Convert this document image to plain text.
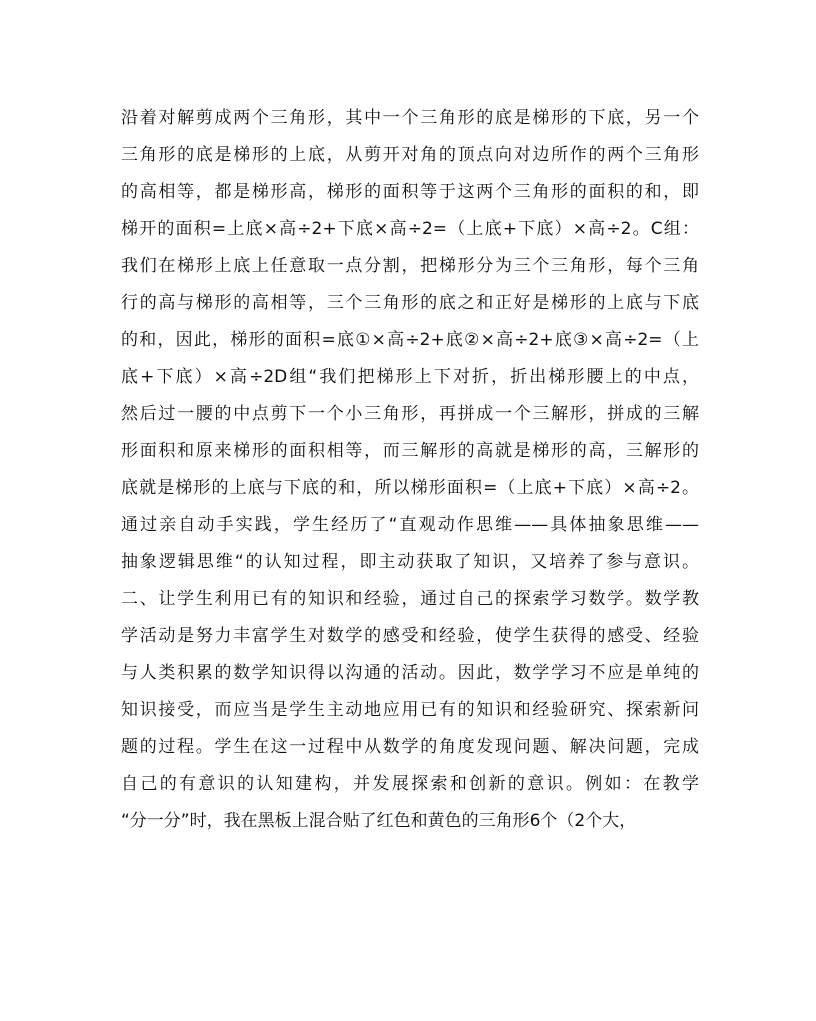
沿着对解剪成两个三角形，其中一个三角形的底是梯形的下底，另一个
三角形的底是梯形的上底，从剪开对角的顶点向对边所作的两个三角形
的高相等，都是梯形高，梯形的面积等于这两个三角形的面积的和，即
梯开的面积=上底×高÷2+下底×高÷2=（上底+下底）×高÷2。C组：
我们在梯形上底上任意取一点分割，把梯形分为三个三角形，每个三角
行的高与梯形的高相等，三个三角形的底之和正好是梯形的上底与下底
的和，因此，梯形的面积=底①×高÷2+底②×高÷2+底③×高÷2=（上
底+下底）×高÷2D组“我们把梯形上下对折，折出梯形腰上的中点，
然后过一腰的中点剪下一个小三角形，再拼成一个三解形，拼成的三解
形面积和原来梯形的面积相等，而三解形的高就是梯形的高，三解形的
底就是梯形的上底与下底的和，所以梯形面积=（上底+下底）×高÷2。
通过亲自动手实践，学生经历了“直观动作思维——具体抽象思维——
抽象逻辑思维“的认知过程，即主动获取了知识，又培养了参与意识。
二、让学生利用已有的知识和经验，通过自己的探索学习数学。数学教
学活动是努力丰富学生对数学的感受和经验，使学生获得的感受、经验
与人类积累的数学知识得以沟通的活动。因此，数学学习不应是单纯的
知识接受，而应当是学生主动地应用已有的知识和经验研究、探索新问
题的过程。学生在这一过程中从数学的角度发现问题、解决问题，完成
自己的有意识的认知建构，并发展探索和创新的意识。例如：在教学
“分一分”时，我在黑板上混合贴了红色和黄色的三角形6个（2个大，
